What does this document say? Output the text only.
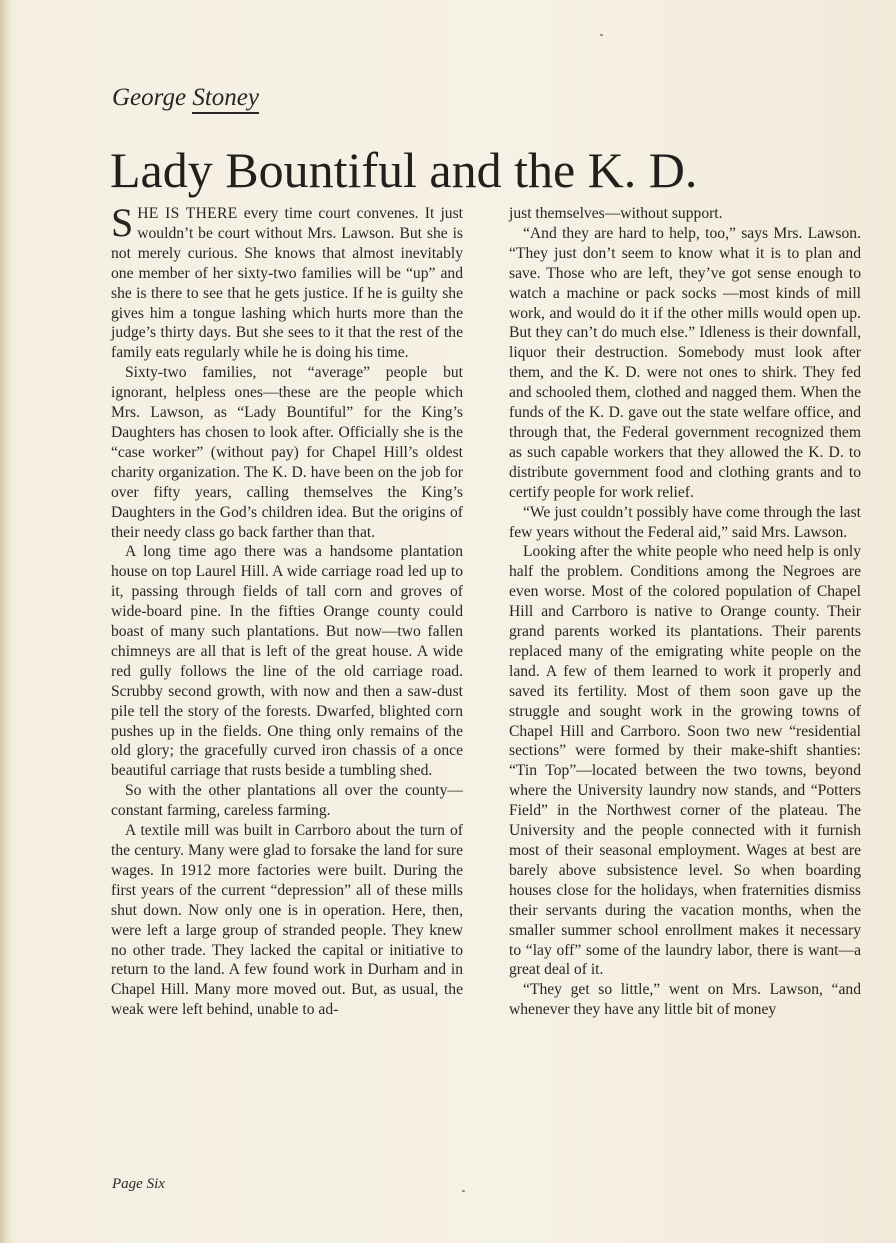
George Stoney
Lady Bountiful and the K. D.

SHE IS THERE every time court convenes. It just wouldn’t be court without Mrs. Lawson. But she is not merely curious. She knows that almost inevitably one member of her sixty-two families will be “up” and she is there to see that he gets justice. If he is guilty she gives him a tongue lashing which hurts more than the judge’s thirty days. But she sees to it that the rest of the family eats regularly while he is doing his time.

Sixty-two families, not “average” people but ignorant, helpless ones—these are the people which Mrs. Lawson, as “Lady Bountiful” for the King’s Daughters has chosen to look after. Officially she is the “case worker” (without pay) for Chapel Hill’s oldest charity organization. The K. D. have been on the job for over fifty years, calling themselves the King’s Daughters in the God’s children idea. But the origins of their needy class go back farther than that.

A long time ago there was a handsome plantation house on top Laurel Hill. A wide carriage road led up to it, passing through fields of tall corn and groves of wide-board pine. In the fifties Orange county could boast of many such plantations. But now—two fallen chimneys are all that is left of the great house. A wide red gully follows the line of the old carriage road. Scrubby second growth, with now and then a saw-dust pile tell the story of the forests. Dwarfed, blighted corn pushes up in the fields. One thing only remains of the old glory; the gracefully curved iron chassis of a once beautiful carriage that rusts beside a tumbling shed.

So with the other plantations all over the county—constant farming, careless farming.

A textile mill was built in Carrboro about the turn of the century. Many were glad to forsake the land for sure wages. In 1912 more factories were built. During the first years of the current “depression” all of these mills shut down. Now only one is in operation. Here, then, were left a large group of stranded people. They knew no other trade. They lacked the capital or initiative to return to the land. A few found work in Durham and in Chapel Hill. Many more moved out. But, as usual, the weak were left behind, unable to ad-

just themselves—without support.

“And they are hard to help, too,” says Mrs. Lawson. “They just don’t seem to know what it is to plan and save. Those who are left, they’ve got sense enough to watch a machine or pack socks —most kinds of mill work, and would do it if the other mills would open up. But they can’t do much else.” Idleness is their downfall, liquor their destruction. Somebody must look after them, and the K. D. were not ones to shirk. They fed and schooled them, clothed and nagged them. When the funds of the K. D. gave out the state welfare office, and through that, the Federal government recognized them as such capable workers that they allowed the K. D. to distribute government food and clothing grants and to certify people for work relief.

“We just couldn’t possibly have come through the last few years without the Federal aid,” said Mrs. Lawson.

Looking after the white people who need help is only half the problem. Conditions among the Negroes are even worse. Most of the colored population of Chapel Hill and Carrboro is native to Orange county. Their grand parents worked its plantations. Their parents replaced many of the emigrating white people on the land. A few of them learned to work it properly and saved its fertility. Most of them soon gave up the struggle and sought work in the growing towns of Chapel Hill and Carrboro. Soon two new “residential sections” were formed by their make-shift shanties: “Tin Top”—located between the two towns, beyond where the University laundry now stands, and “Potters Field” in the Northwest corner of the plateau. The University and the people connected with it furnish most of their seasonal employment. Wages at best are barely above subsistence level. So when boarding houses close for the holidays, when fraternities dismiss their servants during the vacation months, when the smaller summer school enrollment makes it necessary to “lay off” some of the laundry labor, there is want—a great deal of it.

“They get so little,” went on Mrs. Lawson, “and whenever they have any little bit of money

Page Six
